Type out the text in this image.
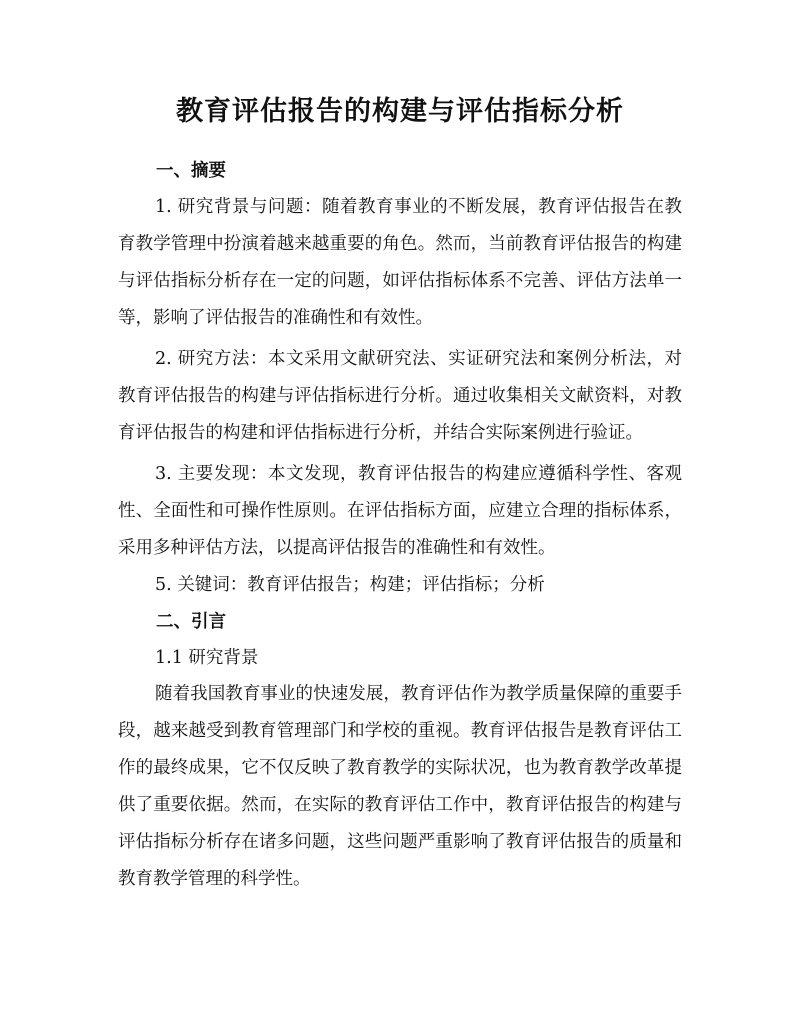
教育评估报告的构建与评估指标分析
一、摘要

1. 研究背景与问题：随着教育事业的不断发展，教育评估报告在教育教学管理中扮演着越来越重要的角色。然而，当前教育评估报告的构建与评估指标分析存在一定的问题，如评估指标体系不完善、评估方法单一等，影响了评估报告的准确性和有效性。

2. 研究方法：本文采用文献研究法、实证研究法和案例分析法，对教育评估报告的构建与评估指标进行分析。通过收集相关文献资料，对教育评估报告的构建和评估指标进行分析，并结合实际案例进行验证。

3. 主要发现：本文发现，教育评估报告的构建应遵循科学性、客观性、全面性和可操作性原则。在评估指标方面，应建立合理的指标体系，采用多种评估方法，以提高评估报告的准确性和有效性。

5. 关键词：教育评估报告；构建；评估指标；分析

二、引言
1.1 研究背景

随着我国教育事业的快速发展，教育评估作为教学质量保障的重要手段，越来越受到教育管理部门和学校的重视。教育评估报告是教育评估工作的最终成果，它不仅反映了教育教学的实际状况，也为教育教学改革提供了重要依据。然而，在实际的教育评估工作中，教育评估报告的构建与评估指标分析存在诸多问题，这些问题严重影响了教育评估报告的质量和教育教学管理的科学性。
